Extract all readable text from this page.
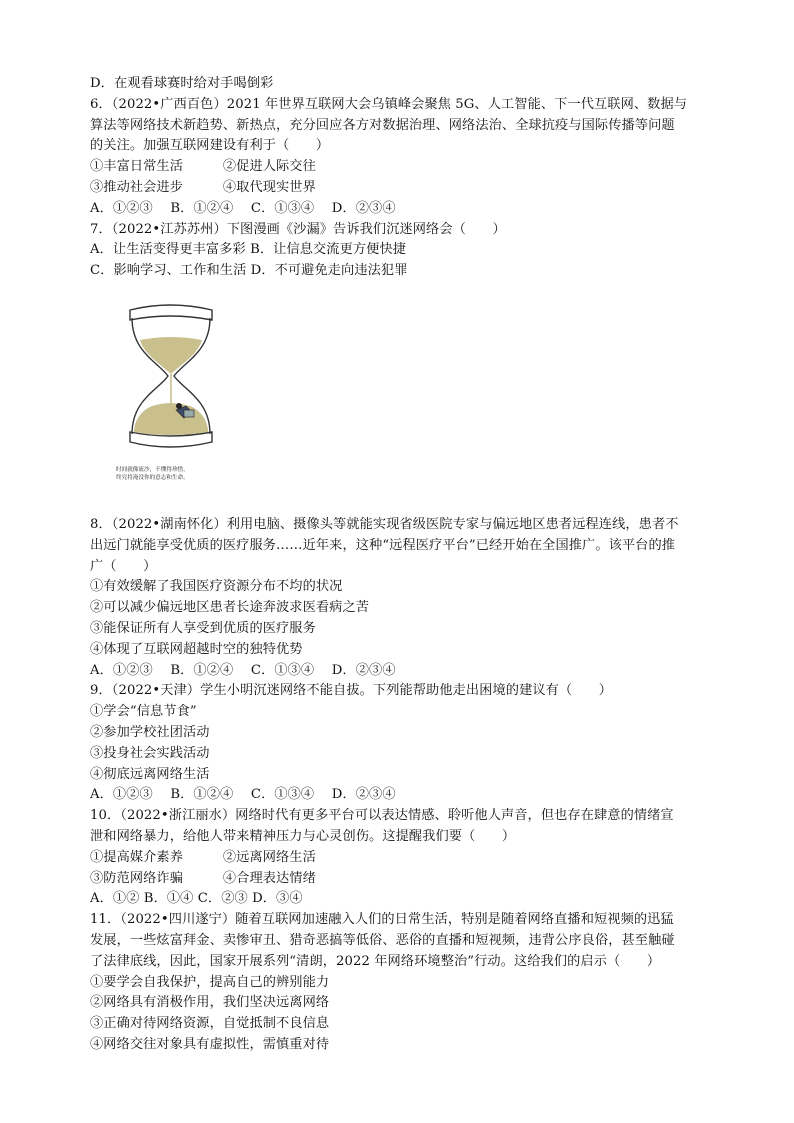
D．在观看球赛时给对手喝倒彩
6．（2022•广西百色）2021 年世界互联网大会乌镇峰会聚焦 5G、人工智能、下一代互联网、数据与
算法等网络技术新趋势、新热点，充分回应各方对数据治理、网络法治、全球抗疫与国际传播等问题
的关注。加强互联网建设有利于（　　）
①丰富日常生活　　　②促进人际交往
③推动社会进步　　　④取代现实世界
A．①②③　 B．①②④　 C．①③④　 D．②③④
7．（2022•江苏苏州）下图漫画《沙漏》告诉我们沉迷网络会（　　）
A．让生活变得更丰富多彩 B．让信息交流更方便快捷
C．影响学习、工作和生活 D．不可避免走向违法犯罪
时间就像流沙，不懂得珍惜，
终究将淹没你的意志和生命。
8．（2022•湖南怀化）利用电脑、摄像头等就能实现省级医院专家与偏远地区患者远程连线，患者不
出远门就能享受优质的医疗服务……近年来，这种“远程医疗平台”已经开始在全国推广。该平台的推
广（　　）
①有效缓解了我国医疗资源分布不均的状况
②可以减少偏远地区患者长途奔波求医看病之苦
③能保证所有人享受到优质的医疗服务
④体现了互联网超越时空的独特优势
A．①②③　 B．①②④　 C．①③④　 D．②③④
9．（2022•天津）学生小明沉迷网络不能自拔。下列能帮助他走出困境的建议有（　　）
①学会“信息节食”
②参加学校社团活动
③投身社会实践活动
④彻底远离网络生活
A．①②③　 B．①②④　 C．①③④　 D．②③④
10．（2022•浙江丽水）网络时代有更多平台可以表达情感、聆听他人声音，但也存在肆意的情绪宣
泄和网络暴力，给他人带来精神压力与心灵创伤。这提醒我们要（　　）
①提高媒介素养　　　②远离网络生活
③防范网络诈骗　　　④合理表达情绪
A．①② B．①④ C．②③ D．③④
11．（2022•四川遂宁）随着互联网加速融入人们的日常生活，特别是随着网络直播和短视频的迅猛
发展，一些炫富拜金、卖惨审丑、猎奇恶搞等低俗、恶俗的直播和短视频，违背公序良俗，甚至触碰
了法律底线，因此，国家开展系列“清朗，2022 年网络环境整治”行动。这给我们的启示（　　）
①要学会自我保护，提高自己的辨别能力
②网络具有消极作用，我们坚决远离网络
③正确对待网络资源，自觉抵制不良信息
④网络交往对象具有虚拟性，需慎重对待
